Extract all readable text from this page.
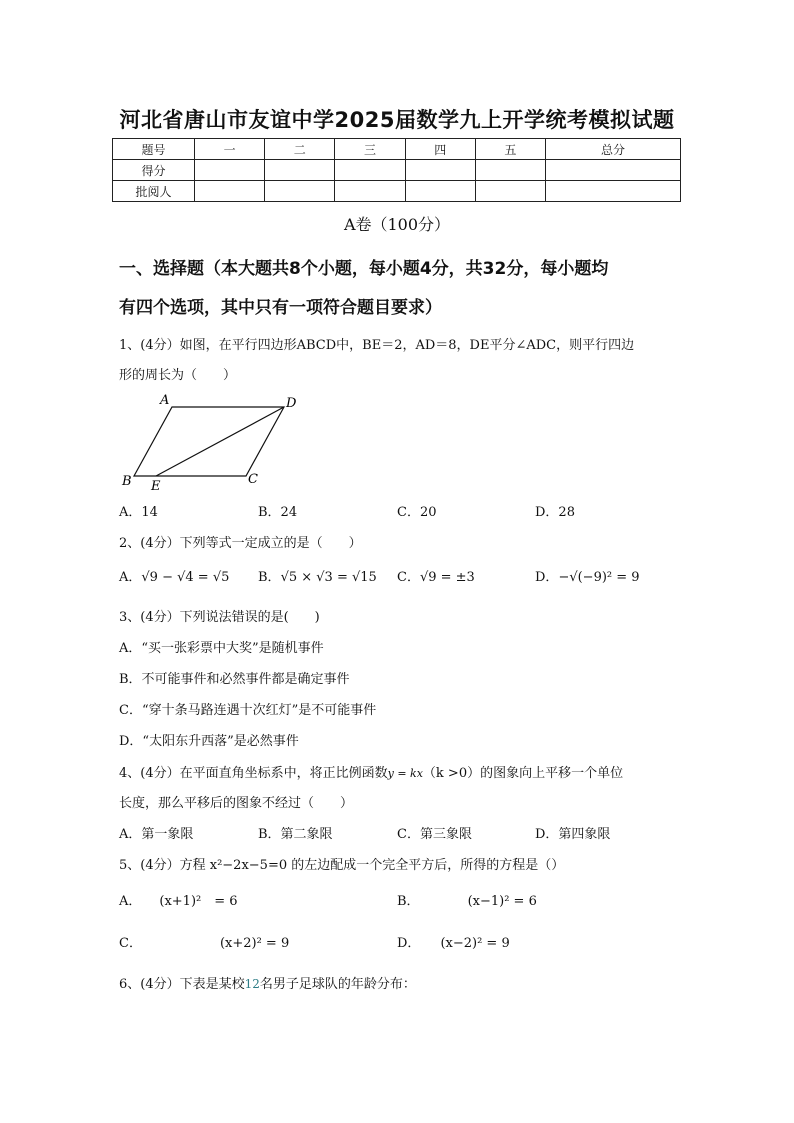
河北省唐山市友谊中学2025届数学九上开学统考模拟试题
题号	一	二	三	四	五	总分
得分						
批阅人						
A卷（100分）
一、选择题（本大题共8个小题，每小题4分，共32分，每小题均
有四个选项，其中只有一项符合题目要求）
1、(4分）如图，在平行四边形ABCD中，BE＝2，AD＝8，DE平分∠ADC，则平行四边
形的周长为（　　）
A	D
B E	C
A．14	B．24	C．20	D．28
2、(4分）下列等式一定成立的是（　　）
A．√9 − √4 = √5 B．√5 × √3 = √15 C．√9 = ±3	D．−√(−9)² = 9
3、(4分）下列说法错误的是(　　)
A．“买一张彩票中大奖”是随机事件
B．不可能事件和必然事件都是确定事件
C．“穿十条马路连遇十次红灯”是不可能事件
D．“太阳东升西落”是必然事件
4、(4分）在平面直角坐标系中，将正比例函数y = kx（k >0）的图象向上平移一个单位
长度，那么平移后的图象不经过（　　）
A．第一象限	B．第二象限	C．第三象限	D．第四象限
5、(4分）方程 x²−2x−5=0 的左边配成一个完全平方后，所得的方程是（）
A． (x+1)²　= 6	B．	(x−1)² = 6
C．	(x+2)² = 9	D． (x−2)² = 9
6、(4分）下表是某校12名男子足球队的年龄分布：
